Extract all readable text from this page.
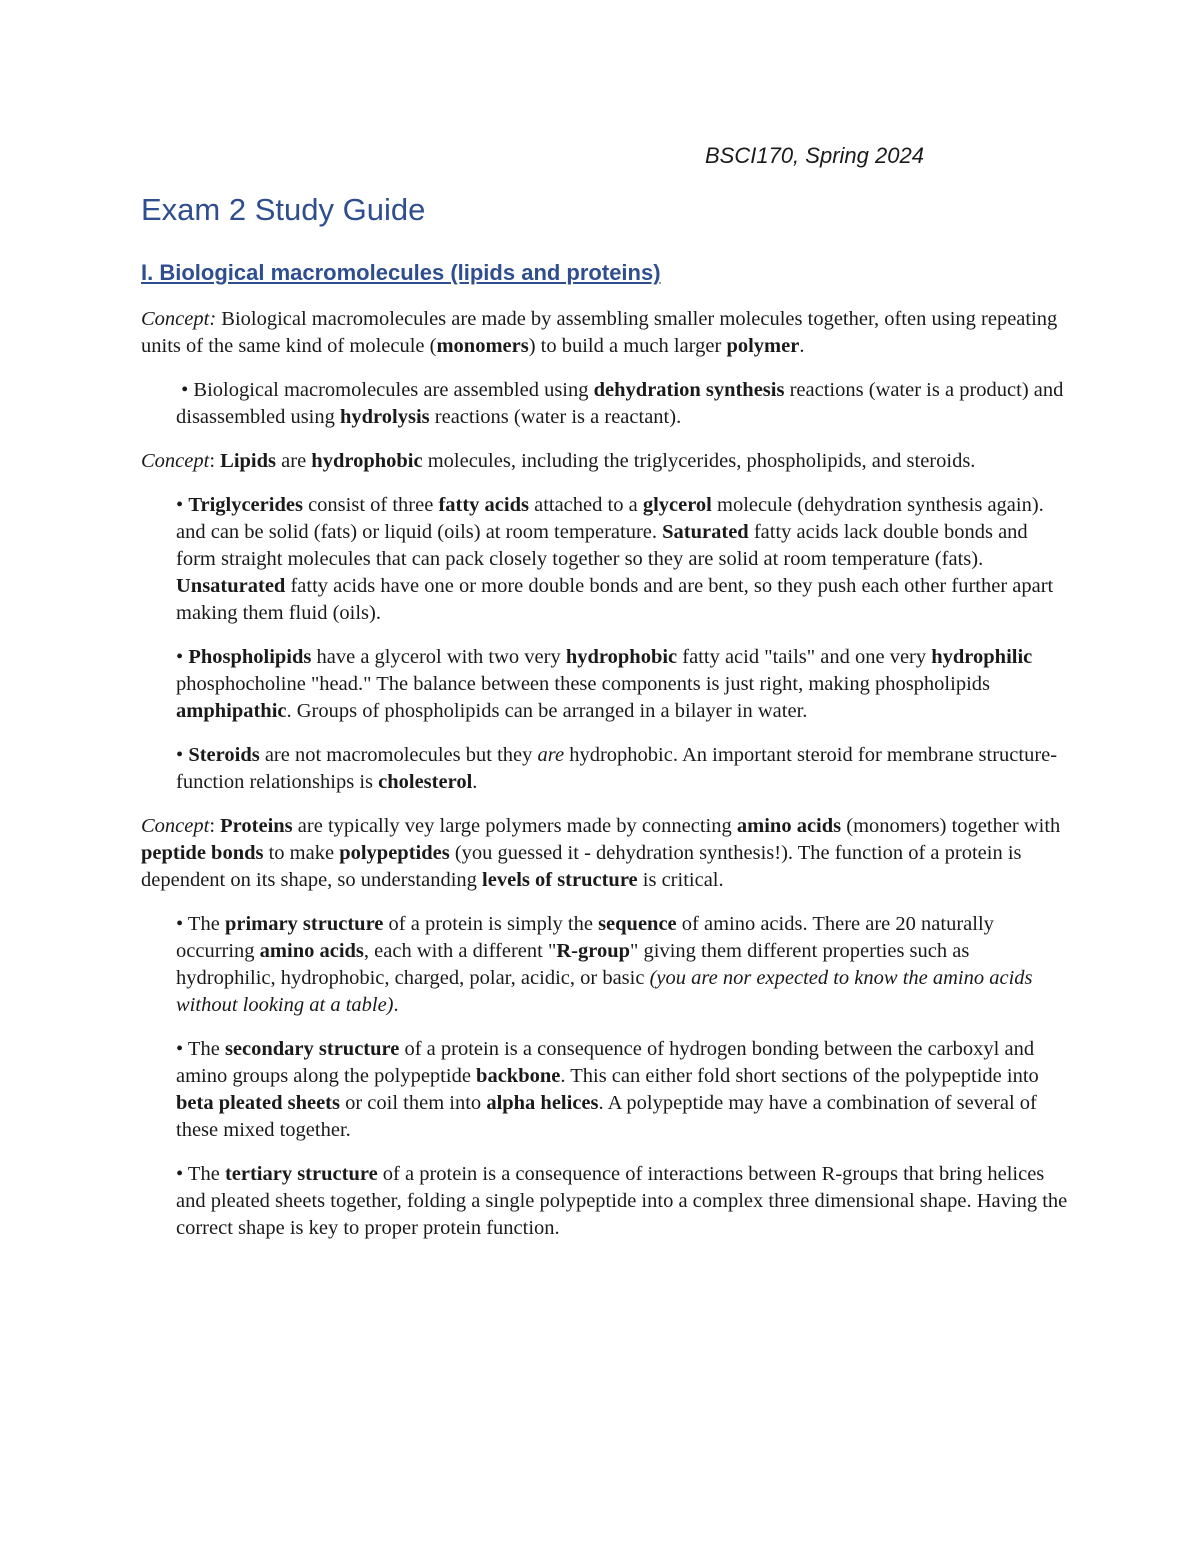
BSCI170, Spring 2024
Exam 2 Study Guide
I. Biological macromolecules (lipids and proteins)

Concept: Biological macromolecules are made by assembling smaller molecules together, often using repeating units of the same kind of molecule (monomers) to build a much larger polymer.

• Biological macromolecules are assembled using dehydration synthesis reactions (water is a product) and disassembled using hydrolysis reactions (water is a reactant).

Concept: Lipids are hydrophobic molecules, including the triglycerides, phospholipids, and steroids.

• Triglycerides consist of three fatty acids attached to a glycerol molecule (dehydration synthesis again). and can be solid (fats) or liquid (oils) at room temperature. Saturated fatty acids lack double bonds and form straight molecules that can pack closely together so they are solid at room temperature (fats). Unsaturated fatty acids have one or more double bonds and are bent, so they push each other further apart making them fluid (oils).

• Phospholipids have a glycerol with two very hydrophobic fatty acid "tails" and one very hydrophilic phosphocholine "head." The balance between these components is just right, making phospholipids amphipathic. Groups of phospholipids can be arranged in a bilayer in water.

• Steroids are not macromolecules but they are hydrophobic. An important steroid for membrane structure-function relationships is cholesterol.

Concept: Proteins are typically vey large polymers made by connecting amino acids (monomers) together with peptide bonds to make polypeptides (you guessed it - dehydration synthesis!). The function of a protein is dependent on its shape, so understanding levels of structure is critical.

• The primary structure of a protein is simply the sequence of amino acids. There are 20 naturally occurring amino acids, each with a different "R-group" giving them different properties such as hydrophilic, hydrophobic, charged, polar, acidic, or basic (you are nor expected to know the amino acids without looking at a table).

• The secondary structure of a protein is a consequence of hydrogen bonding between the carboxyl and amino groups along the polypeptide backbone. This can either fold short sections of the polypeptide into beta pleated sheets or coil them into alpha helices. A polypeptide may have a combination of several of these mixed together.

• The tertiary structure of a protein is a consequence of interactions between R-groups that bring helices and pleated sheets together, folding a single polypeptide into a complex three dimensional shape. Having the correct shape is key to proper protein function.
